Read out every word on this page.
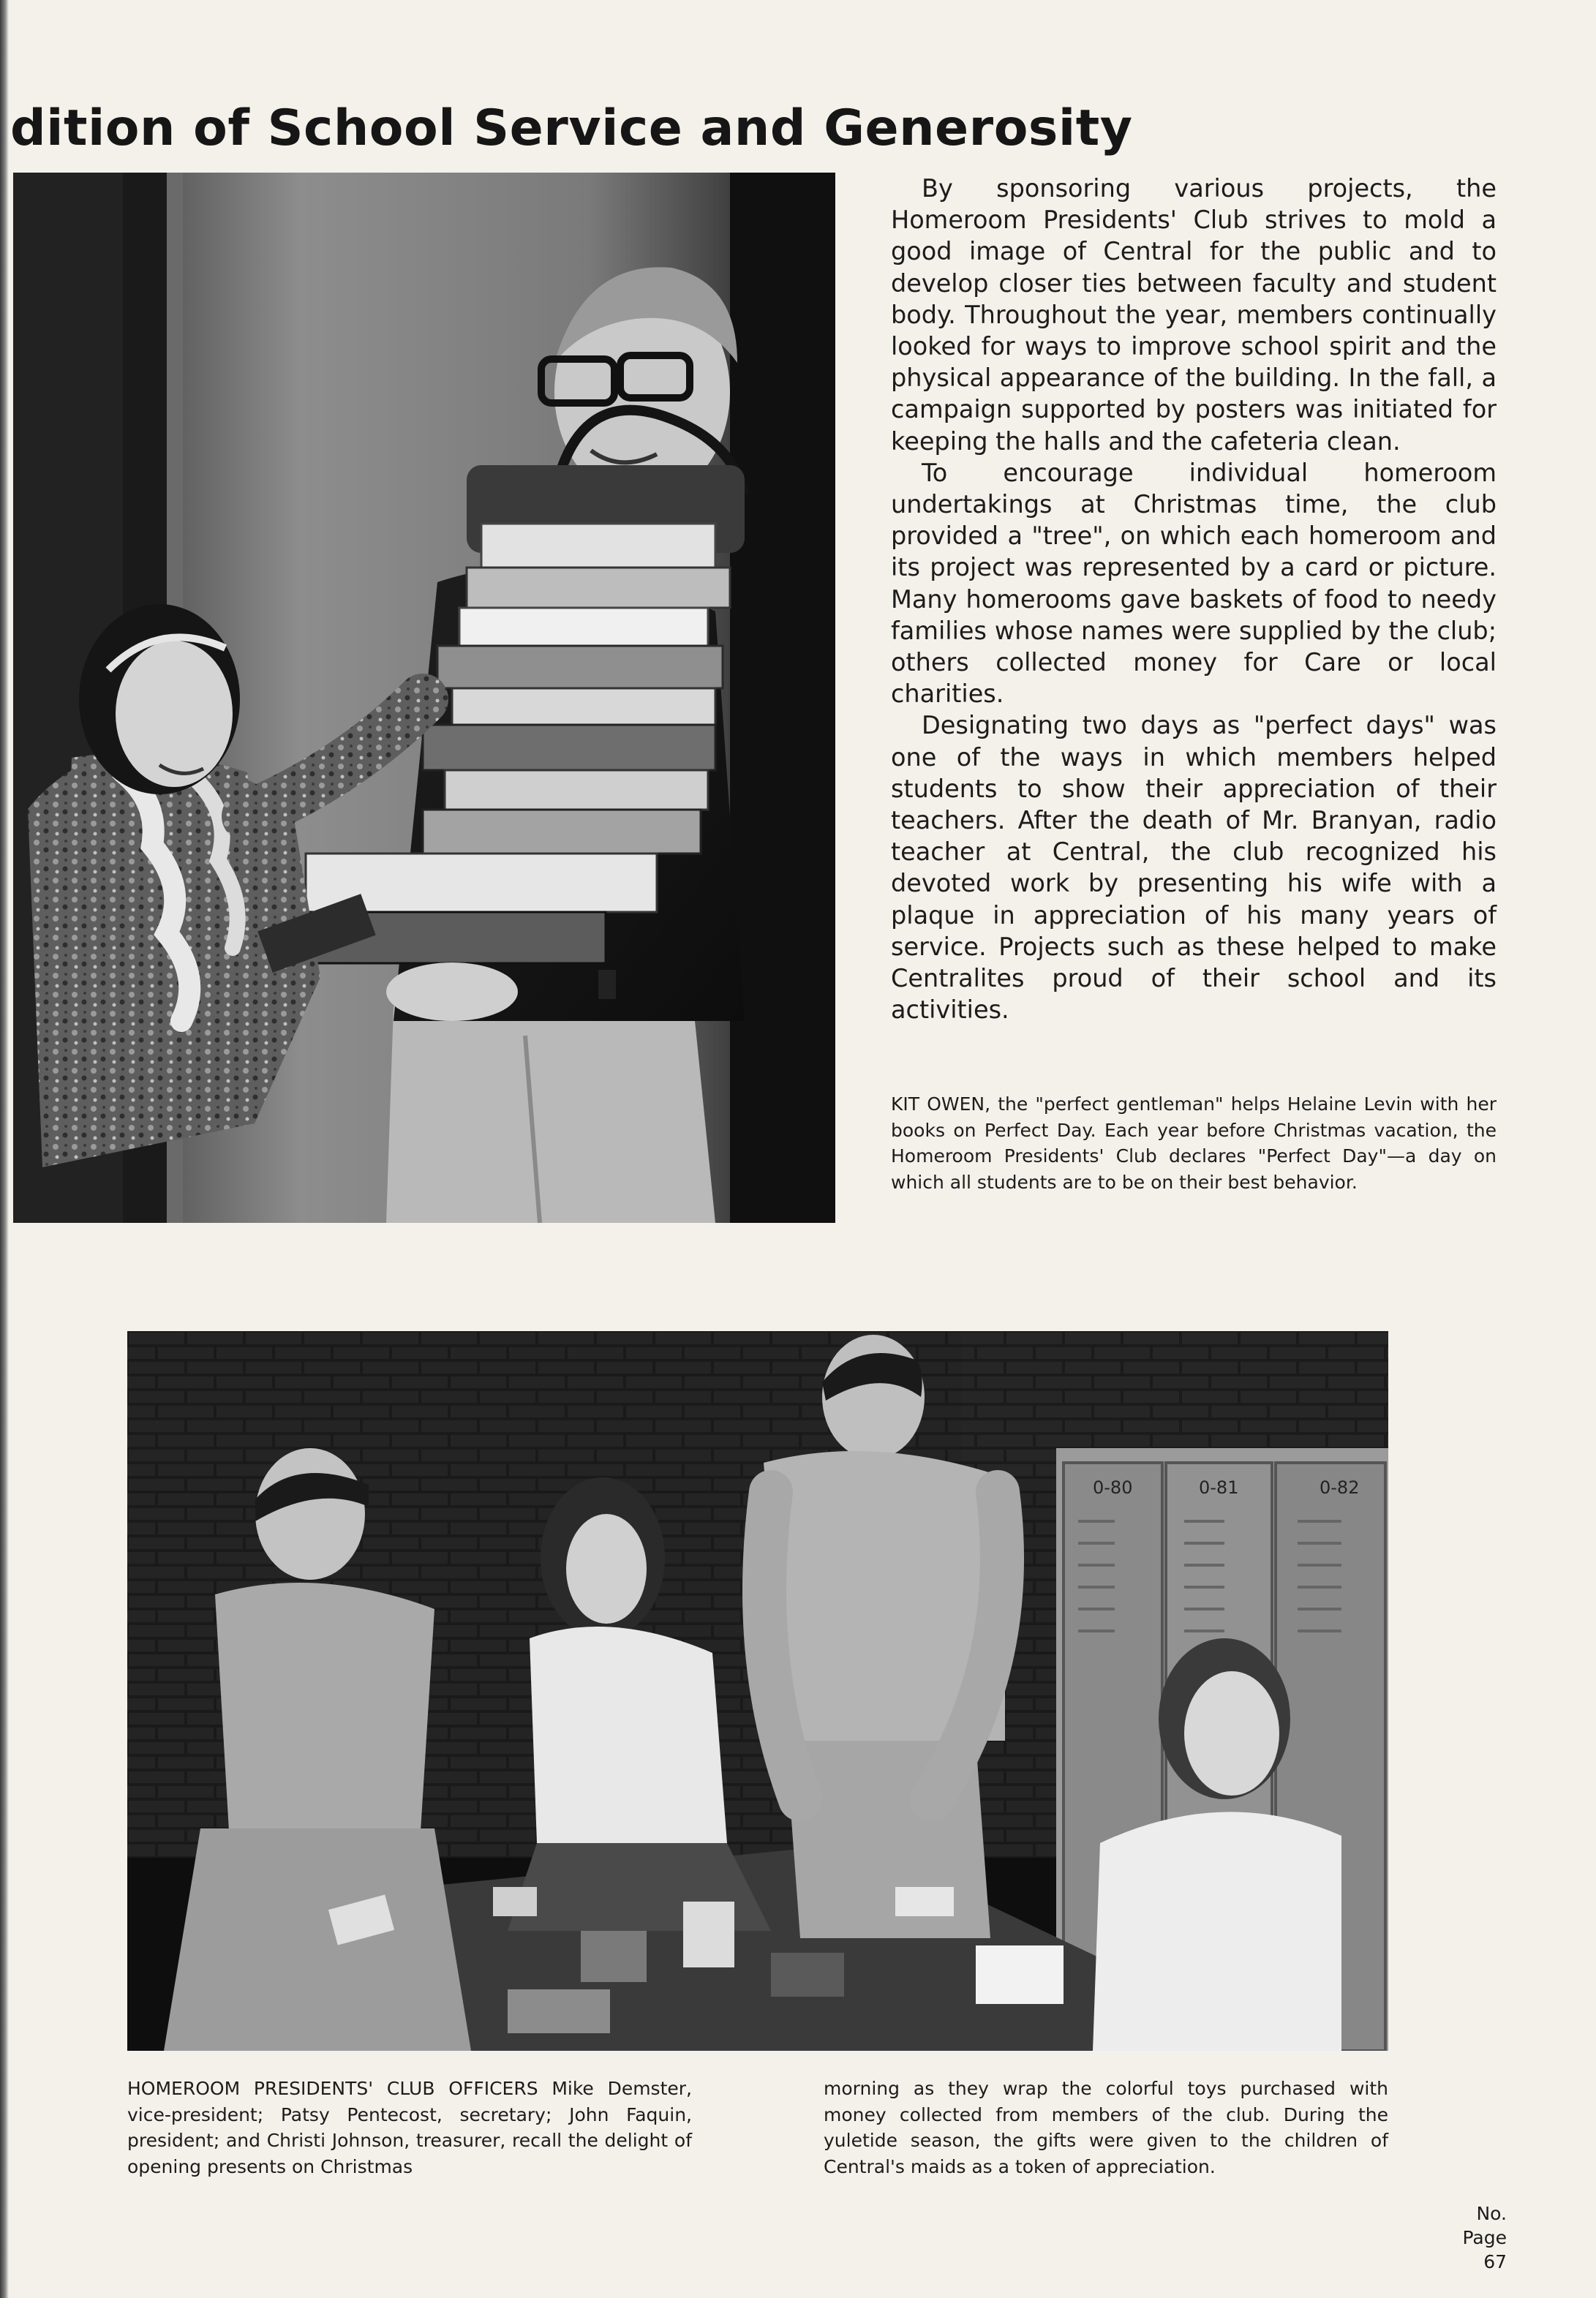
dition of School Service and Generosity

By sponsoring various projects, the Homeroom Presidents' Club strives to mold a good image of Central for the public and to develop closer ties between faculty and student body. Throughout the year, members continually looked for ways to improve school spirit and the physical appearance of the building. In the fall, a campaign supported by posters was initiated for keeping the halls and the cafeteria clean.

To encourage individual homeroom undertakings at Christmas time, the club provided a "tree", on which each homeroom and its project was represented by a card or picture. Many homerooms gave baskets of food to needy families whose names were supplied by the club; others collected money for Care or local charities.

Designating two days as "perfect days" was one of the ways in which members helped students to show their appreciation of their teachers. After the death of Mr. Branyan, radio teacher at Central, the club recognized his devoted work by presenting his wife with a plaque in appreciation of his many years of service. Projects such as these helped to make Centralites proud of their school and its activities.

KIT OWEN, the "perfect gentleman" helps Helaine Levin with her books on Perfect Day. Each year before Christmas vacation, the Homeroom Presidents' Club declares "Perfect Day"—a day on which all students are to be on their best behavior.
0-80	0-81	0-82
HOMEROOM PRESIDENTS' CLUB OFFICERS Mike Demster, vice-president; Patsy Pentecost, secretary; John Faquin, president; and Christi Johnson, treasurer, recall the delight of opening presents on Christmas
morning as they wrap the colorful toys purchased with money collected from members of the club. During the yuletide season, the gifts were given to the children of Central's maids as a token of appreciation.
No.
Page
67
